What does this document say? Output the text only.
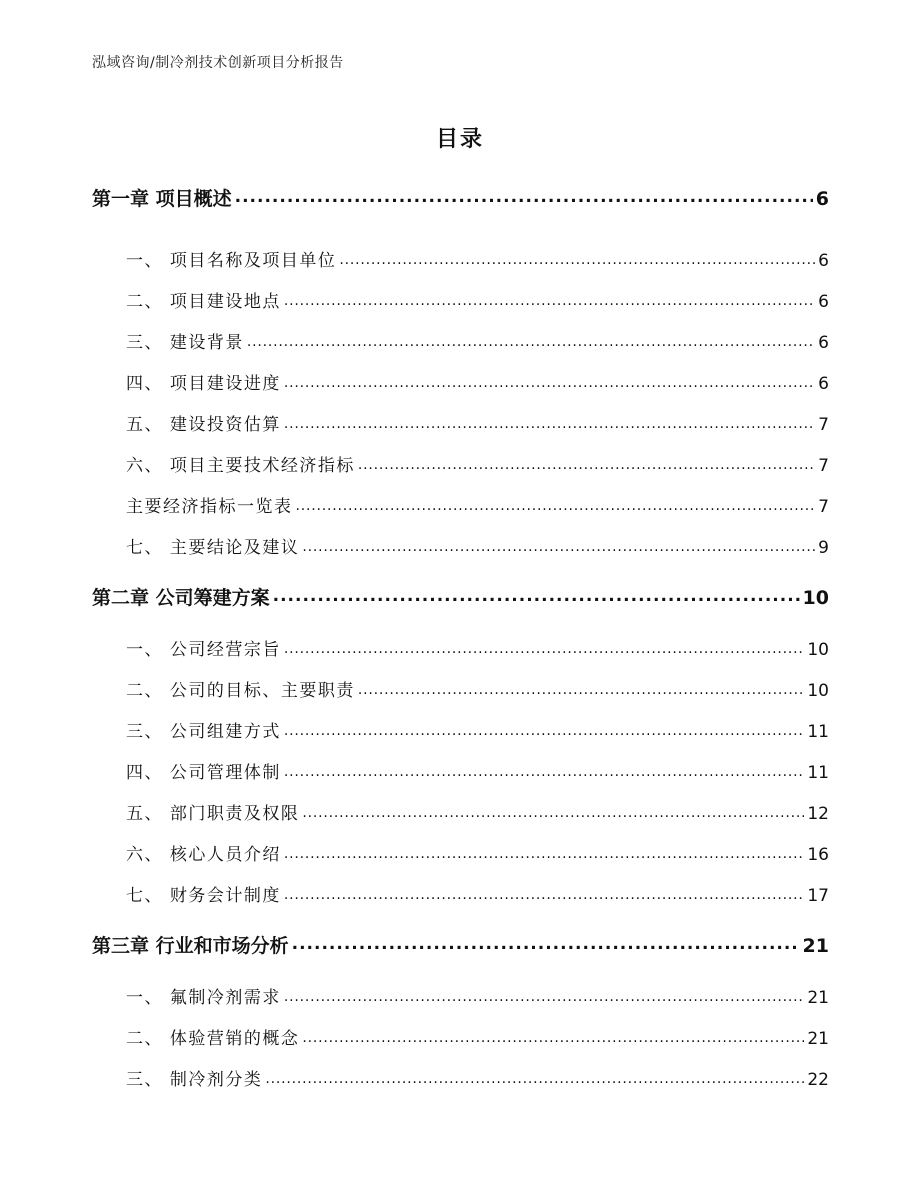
泓域咨询/制冷剂技术创新项目分析报告
目录
第一章 项目概述 .....	6
一、 项目名称及项目单位 .....	6
二、 项目建设地点 .....	6
三、 建设背景 .....	6
四、 项目建设进度 .....	6
五、 建设投资估算 .....	7
六、 项目主要技术经济指标 .....	7
主要经济指标一览表 .....	7
七、 主要结论及建议 .....	9
第二章 公司筹建方案 .....	10
一、 公司经营宗旨 .....	10
二、 公司的目标、主要职责 .....	10
三、 公司组建方式 .....	11
四、 公司管理体制 .....	11
五、 部门职责及权限 .....	12
六、 核心人员介绍 .....	16
七、 财务会计制度 .....	17
第三章 行业和市场分析 .....	21
一、 氟制冷剂需求 .....	21
二、 体验营销的概念 .....	21
三、 制冷剂分类 .....	22
